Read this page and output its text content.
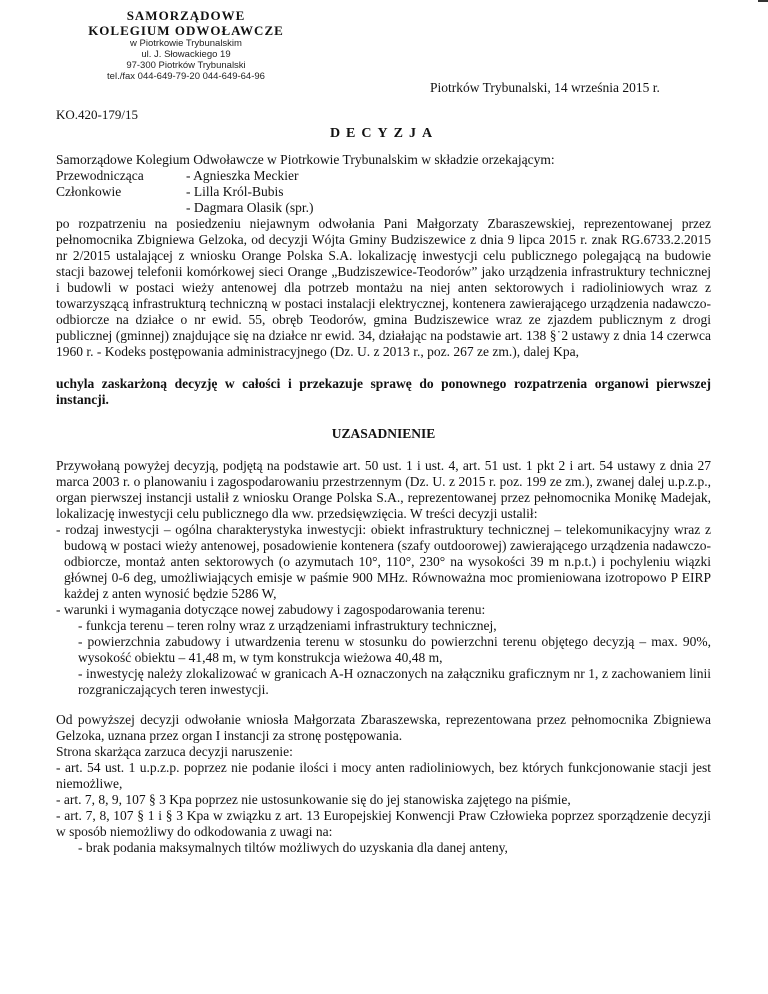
SAMORZĄDOWE
KOLEGIUM ODWOŁAWCZE
w Piotrkowie Trybunalskim
ul. J. Słowackiego 19
97-300 Piotrków Trybunalski
tel./fax 044-649-79-20 044-649-64-96
Piotrków Trybunalski, 14 września 2015 r.
KO.420-179/15
DECYZJA
Samorządowe Kolegium Odwoławcze w Piotrkowie Trybunalskim w składzie orzekającym:
Przewodnicząca	- Agnieszka Meckier
Członkowie	- Lilla Król-Bubis
- Dagmara Olasik (spr.)
po rozpatrzeniu na posiedzeniu niejawnym odwołania Pani Małgorzaty Zbaraszewskiej, reprezentowanej przez pełnomocnika Zbigniewa Gelzoka, od decyzji Wójta Gminy Budziszewice z dnia 9 lipca 2015 r. znak RG.6733.2.2015 nr 2/2015 ustalającej z wniosku Orange Polska S.A. lokalizację inwestycji celu publicznego polegającą na budowie stacji bazowej telefonii komórkowej sieci Orange „Budziszewice-Teodorów” jako urządzenia infrastruktury technicznej i budowli w postaci wieży antenowej dla potrzeb montażu na niej anten sektorowych i radioliniowych wraz z towarzyszącą infrastrukturą techniczną w postaci instalacji elektrycznej, kontenera zawierającego urządzenia nadawczo-odbiorcze na działce o nr ewid. 55, obręb Teodorów, gmina Budziszewice wraz ze zjazdem publicznym z drogi publicznej (gminnej) znajdujące się na działce nr ewid. 34, działając na podstawie art. 138 §˙2 ustawy z dnia 14 czerwca 1960 r. - Kodeks postępowania administracyjnego (Dz. U. z 2013 r., poz. 267 ze zm.), dalej Kpa,
uchyla zaskarżoną decyzję w całości i przekazuje sprawę do ponownego rozpatrzenia organowi pierwszej instancji.
UZASADNIENIE
Przywołaną powyżej decyzją, podjętą na podstawie art. 50 ust. 1 i ust. 4, art. 51 ust. 1 pkt 2 i art. 54 ustawy z dnia 27 marca 2003 r. o planowaniu i zagospodarowaniu przestrzennym (Dz. U. z 2015 r. poz. 199 ze zm.), zwanej dalej u.p.z.p., organ pierwszej instancji ustalił z wniosku Orange Polska S.A., reprezentowanej przez pełnomocnika Monikę Madejak, lokalizację inwestycji celu publicznego dla ww. przedsięwzięcia. W treści decyzji ustalił:
- rodzaj inwestycji – ogólna charakterystyka inwestycji: obiekt infrastruktury technicznej – telekomunikacyjny wraz z budową w postaci wieży antenowej, posadowienie kontenera (szafy outdoorowej) zawierającego urządzenia nadawczo-odbiorcze, montaż anten sektorowych (o azymutach 10°, 110°, 230° na wysokości 39 m n.p.t.) i pochyleniu wiązki głównej 0-6 deg, umożliwiających emisje w paśmie 900 MHz. Równoważna moc promieniowana izotropowo P EIRP każdej z anten wynosić będzie 5286 W,
- warunki i wymagania dotyczące nowej zabudowy i zagospodarowania terenu:
- funkcja terenu – teren rolny wraz z urządzeniami infrastruktury technicznej,
- powierzchnia zabudowy i utwardzenia terenu w stosunku do powierzchni terenu objętego decyzją – max. 90%, wysokość obiektu – 41,48 m, w tym konstrukcja wieżowa 40,48 m,
- inwestycję należy zlokalizować w granicach A-H oznaczonych na załączniku graficznym nr 1, z zachowaniem linii rozgraniczających teren inwestycji.
Od powyższej decyzji odwołanie wniosła Małgorzata Zbaraszewska, reprezentowana przez pełnomocnika Zbigniewa Gelzoka, uznana przez organ I instancji za stronę postępowania.
Strona skarżąca zarzuca decyzji naruszenie:
- art. 54 ust. 1 u.p.z.p. poprzez nie podanie ilości i mocy anten radioliniowych, bez których funkcjonowanie stacji jest niemożliwe,
- art. 7, 8, 9, 107 § 3 Kpa poprzez nie ustosunkowanie się do jej stanowiska zajętego na piśmie,
- art. 7, 8, 107 § 1 i § 3 Kpa w związku z art. 13 Europejskiej Konwencji Praw Człowieka poprzez sporządzenie decyzji w sposób niemożliwy do odkodowania z uwagi na:
- brak podania maksymalnych tiltów możliwych do uzyskania dla danej anteny,
